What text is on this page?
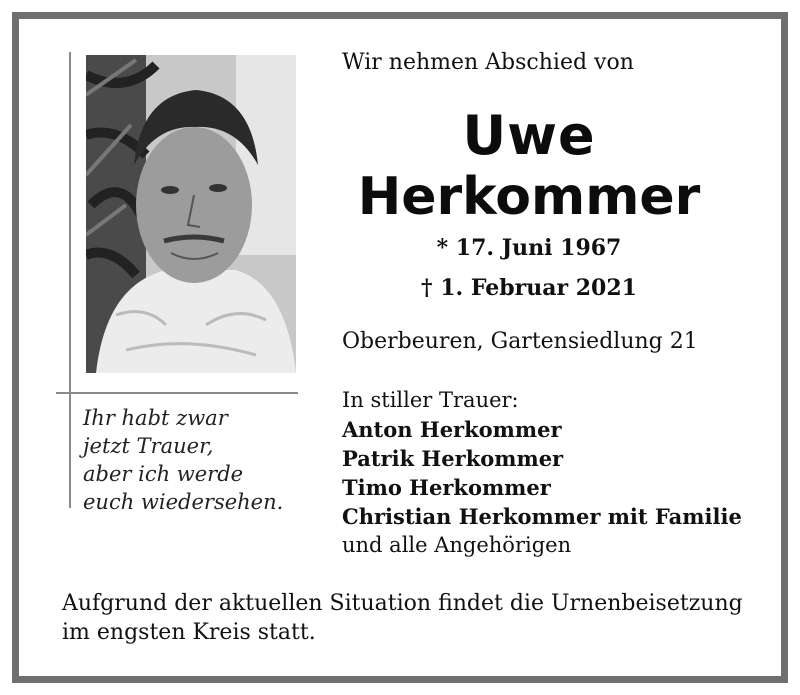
Ihr habt zwar
jetzt Trauer,
aber ich werde
euch wiedersehen.
Wir nehmen Abschied von
Uwe
Herkommer
* 17. Juni 1967
† 1. Februar 2021
Oberbeuren, Gartensiedlung 21
In stiller Trauer:
Anton Herkommer
Patrik Herkommer
Timo Herkommer
Christian Herkommer mit Familie
und alle Angehörigen
Aufgrund der aktuellen Situation findet die Urnenbeisetzung
im engsten Kreis statt.
